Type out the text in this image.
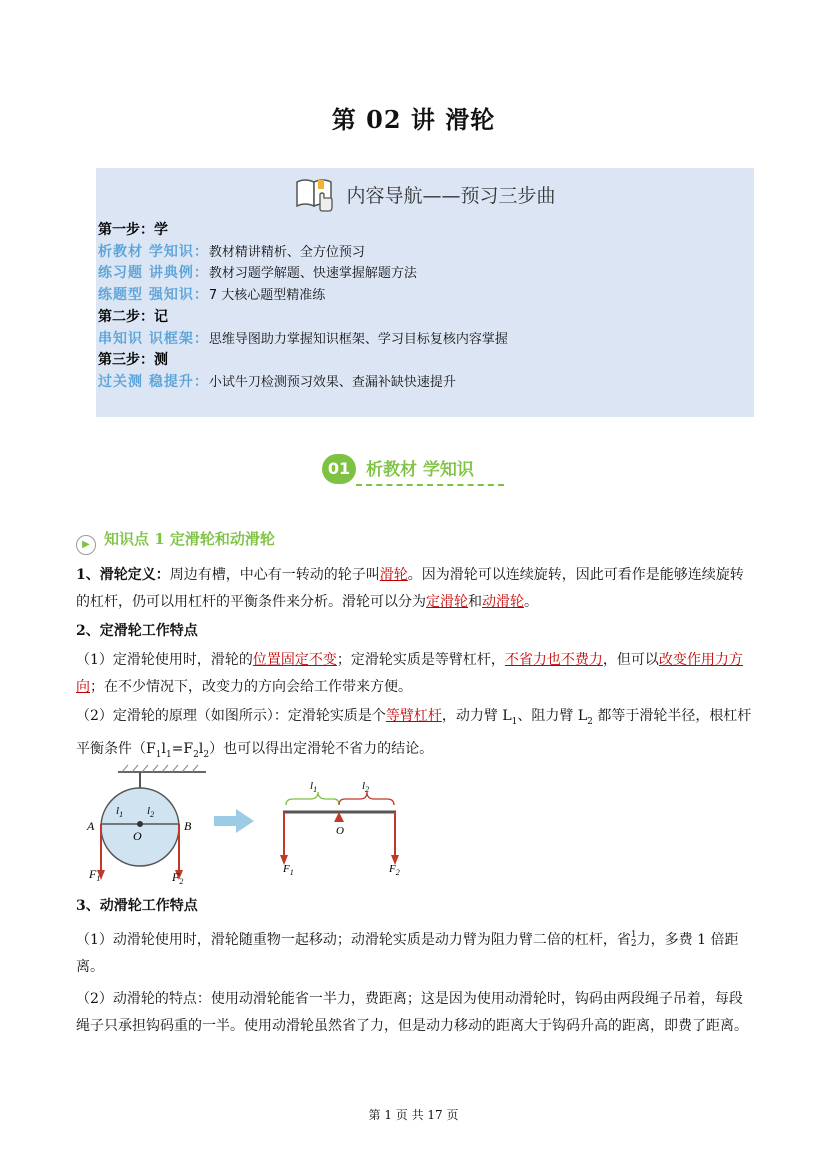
第 02 讲 滑轮
内容导航——预习三步曲
第一步：学
析教材 学知识：教材精讲精析、全方位预习
练习题 讲典例：教材习题学解题、快速掌握解题方法
练题型 强知识：7 大核心题型精准练
第二步：记
串知识 识框架：思维导图助力掌握知识框架、学习目标复核内容掌握
第三步：测
过关测 稳提升：小试牛刀检测预习效果、查漏补缺快速提升
01 析教材 学知识
▶ 知识点 1 定滑轮和动滑轮
1、滑轮定义：周边有槽，中心有一转动的轮子叫滑轮。因为滑轮可以连续旋转，因此可看作是能够连续旋转的杠杆，仍可以用杠杆的平衡条件来分析。滑轮可以分为定滑轮和动滑轮。
2、定滑轮工作特点
（1）定滑轮使用时，滑轮的位置固定不变；定滑轮实质是等臂杠杆，不省力也不费力，但可以改变作用力方向；在不少情况下，改变力的方向会给工作带来方便。
（2）定滑轮的原理（如图所示）：定滑轮实质是个等臂杠杆，动力臂 $L_1$、阻力臂 $L_2$ 都等于滑轮半径，根杠杆平衡条件$(F_1l_1=F_2l_2)$也可以得出定滑轮不省力的结论。
A	B
O
$l_1$ $l_2$
$F_1$	$F_2$
O
$l_1$	$l_2$
$F_1$	$F_2$
3、动滑轮工作特点
（1）动滑轮使用时，滑轮随重物一起移动；动滑轮实质是动力臂为阻力臂二倍的杠杆，省1
2力，多费 1 倍距离。
（2）动滑轮的特点：使用动滑轮能省一半力，费距离；这是因为使用动滑轮时，钩码由两段绳子吊着，每段绳子只承担钩码重的一半。使用动滑轮虽然省了力，但是动力移动的距离大于钩码升高的距离，即费了距离。
第 1 页 共 17 页
